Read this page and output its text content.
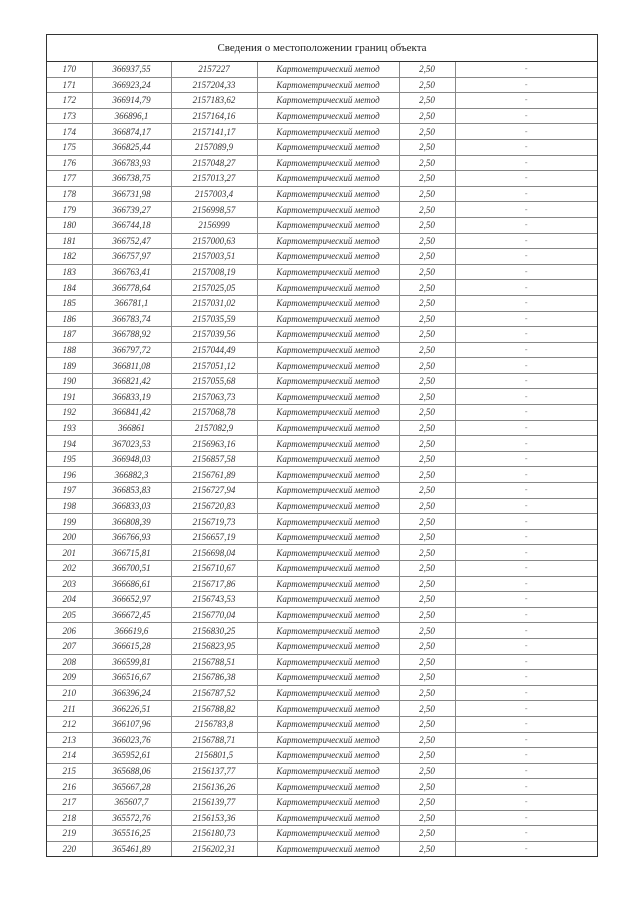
Сведения о местоположении границ объекта
170	366937,55	2157227	Картометрический метод	2,50	-
171	366923,24	2157204,33	Картометрический метод	2,50	-
172	366914,79	2157183,62	Картометрический метод	2,50	-
173	366896,1	2157164,16	Картометрический метод	2,50	-
174	366874,17	2157141,17	Картометрический метод	2,50	-
175	366825,44	2157089,9	Картометрический метод	2,50	-
176	366783,93	2157048,27	Картометрический метод	2,50	-
177	366738,75	2157013,27	Картометрический метод	2,50	-
178	366731,98	2157003,4	Картометрический метод	2,50	-
179	366739,27	2156998,57	Картометрический метод	2,50	-
180	366744,18	2156999	Картометрический метод	2,50	-
181	366752,47	2157000,63	Картометрический метод	2,50	-
182	366757,97	2157003,51	Картометрический метод	2,50	-
183	366763,41	2157008,19	Картометрический метод	2,50	-
184	366778,64	2157025,05	Картометрический метод	2,50	-
185	366781,1	2157031,02	Картометрический метод	2,50	-
186	366783,74	2157035,59	Картометрический метод	2,50	-
187	366788,92	2157039,56	Картометрический метод	2,50	-
188	366797,72	2157044,49	Картометрический метод	2,50	-
189	366811,08	2157051,12	Картометрический метод	2,50	-
190	366821,42	2157055,68	Картометрический метод	2,50	-
191	366833,19	2157063,73	Картометрический метод	2,50	-
192	366841,42	2157068,78	Картометрический метод	2,50	-
193	366861	2157082,9	Картометрический метод	2,50	-
194	367023,53	2156963,16	Картометрический метод	2,50	-
195	366948,03	2156857,58	Картометрический метод	2,50	-
196	366882,3	2156761,89	Картометрический метод	2,50	-
197	366853,83	2156727,94	Картометрический метод	2,50	-
198	366833,03	2156720,83	Картометрический метод	2,50	-
199	366808,39	2156719,73	Картометрический метод	2,50	-
200	366766,93	2156657,19	Картометрический метод	2,50	-
201	366715,81	2156698,04	Картометрический метод	2,50	-
202	366700,51	2156710,67	Картометрический метод	2,50	-
203	366686,61	2156717,86	Картометрический метод	2,50	-
204	366652,97	2156743,53	Картометрический метод	2,50	-
205	366672,45	2156770,04	Картометрический метод	2,50	-
206	366619,6	2156830,25	Картометрический метод	2,50	-
207	366615,28	2156823,95	Картометрический метод	2,50	-
208	366599,81	2156788,51	Картометрический метод	2,50	-
209	366516,67	2156786,38	Картометрический метод	2,50	-
210	366396,24	2156787,52	Картометрический метод	2,50	-
211	366226,51	2156788,82	Картометрический метод	2,50	-
212	366107,96	2156783,8	Картометрический метод	2,50	-
213	366023,76	2156788,71	Картометрический метод	2,50	-
214	365952,61	2156801,5	Картометрический метод	2,50	-
215	365688,06	2156137,77	Картометрический метод	2,50	-
216	365667,28	2156136,26	Картометрический метод	2,50	-
217	365607,7	2156139,77	Картометрический метод	2,50	-
218	365572,76	2156153,36	Картометрический метод	2,50	-
219	365516,25	2156180,73	Картометрический метод	2,50	-
220	365461,89	2156202,31	Картометрический метод	2,50	-
